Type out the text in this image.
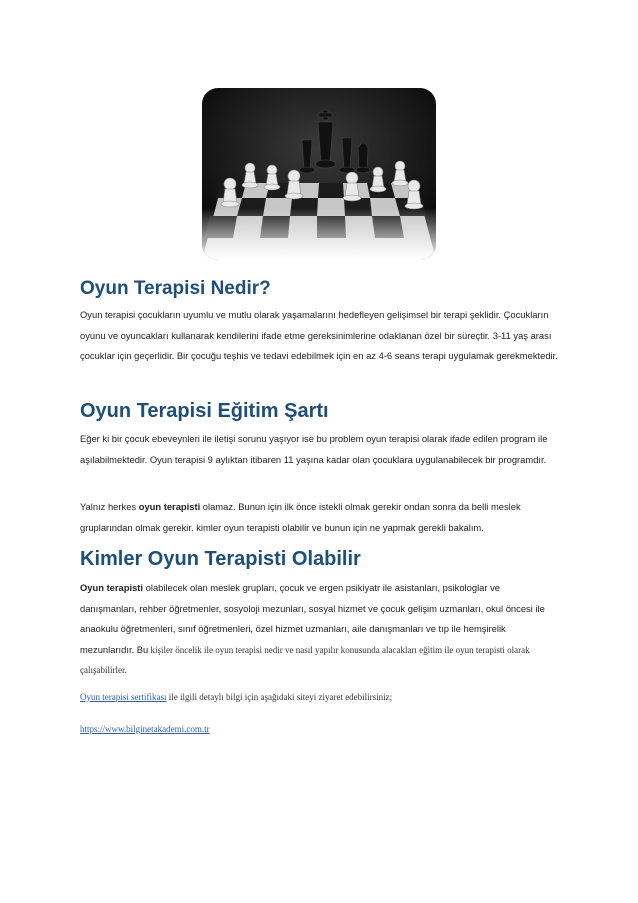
Oyun Terapisi Nedir?
Oyun terapisi çocukların uyumlu ve mutlu olarak yaşamalarını hedefleyen gelişimsel bir terapi şeklidir. Çocukların oyunu ve oyuncakları kullanarak kendilerini ifade etme gereksinimlerine odaklanan özel bir süreçtir. 3-11 yaş arası çocuklar için geçerlidir. Bir çocuğu teşhis ve tedavi edebilmek için en az 4-6 seans terapi uygulamak gerekmektedir.
Oyun Terapisi Eğitim Şartı
Eğer ki bir çocuk ebeveynleri ile iletişi sorunu yaşıyor ise bu problem oyun terapisi olarak ifade edilen program ile aşılabilmektedir. Oyun terapisi 9 aylıktan itibaren 11 yaşına kadar olan çocuklara uygulanabilecek bir programdır.
Yalnız herkes oyun terapisti olamaz. Bunun için ilk önce istekli olmak gerekir ondan sonra da belli meslek gruplarından olmak gerekir. kimler oyun terapisti olabilir ve bunun için ne yapmak gerekli bakalım.
Kimler Oyun Terapisti Olabilir
Oyun terapisti olabilecek olan meslek grupları, çocuk ve ergen psikiyatr ile asistanları, psikologlar ve danışmanları, rehber öğretmenler, sosyoloji mezunları, sosyal hizmet ve çocuk gelişim uzmanları, okul öncesi ile anaokulu öğretmenleri, sınıf öğretmenleri, özel hizmet uzmanları, aile danışmanları ve tıp ile hemşirelik mezunlarıdır. Bu kişiler öncelik ile oyun terapisi nedir ve nasıl yapılır konusunda alacakları eğitim ile oyun terapisti olarak çalışabilirler.
Oyun terapisi sertifikası ile ilgili detaylı bilgi için aşağıdaki siteyi ziyaret edebilirsiniz;
https://www.bilginetakademi.com.tr
